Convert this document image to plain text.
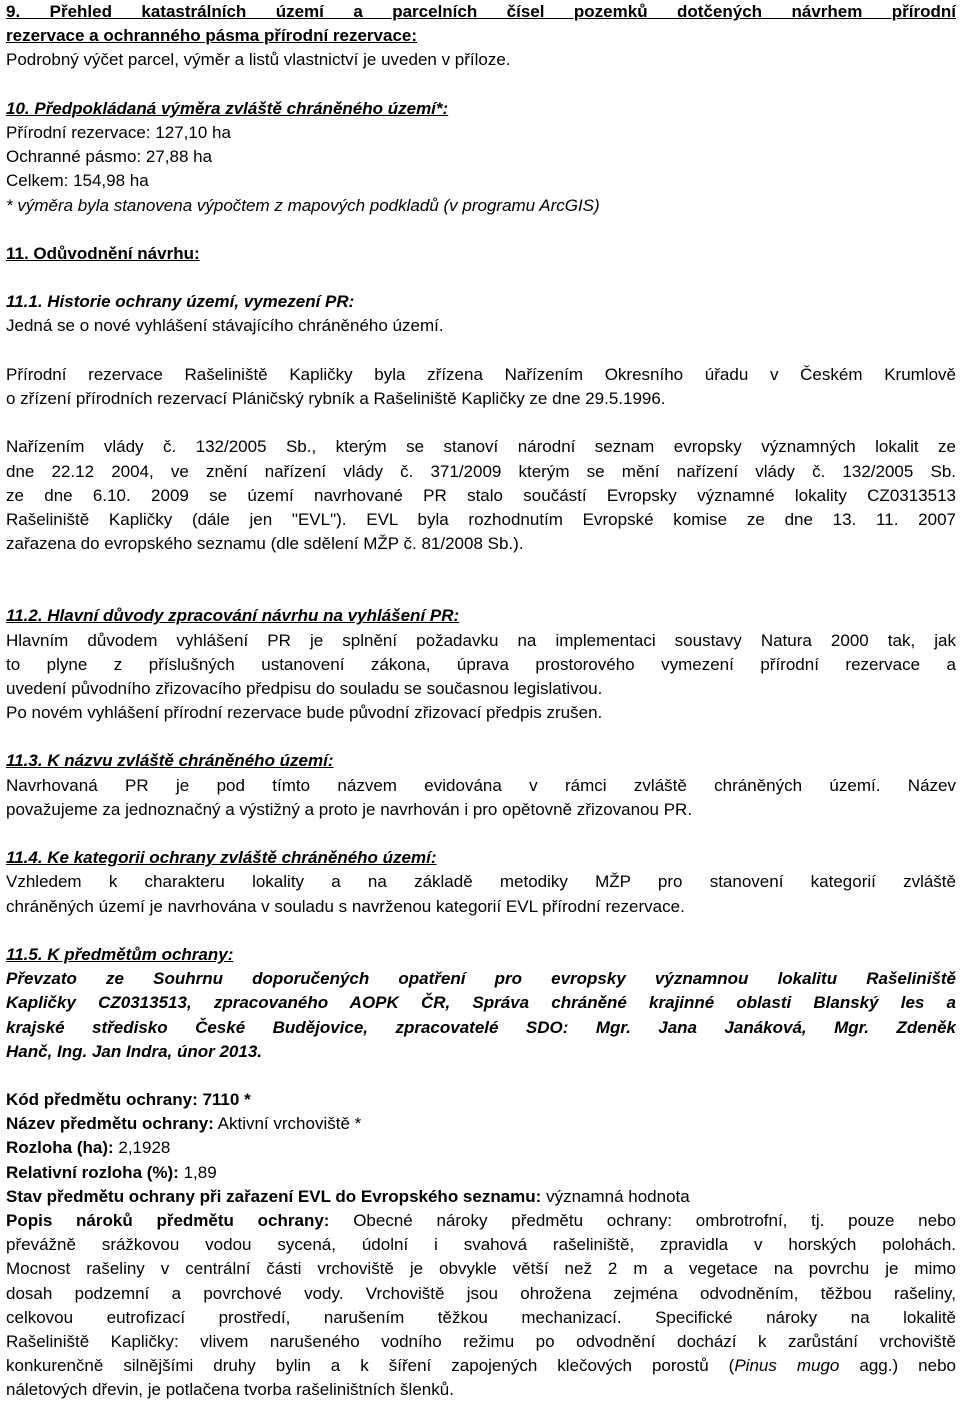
9. Přehled katastrálních území a parcelních čísel pozemků dotčených návrhem přírodní
rezervace a ochranného pásma přírodní rezervace:
Podrobný výčet parcel, výměr a listů vlastnictví je uveden v příloze.
10. Předpokládaná výměra zvláště chráněného území*:
Přírodní rezervace: 127,10 ha
Ochranné pásmo: 27,88 ha
Celkem: 154,98 ha
* výměra byla stanovena výpočtem z mapových podkladů (v programu ArcGIS)
11. Odůvodnění návrhu:
11.1. Historie ochrany území, vymezení PR:
Jedná se o nové vyhlášení stávajícího chráněného území.
Přírodní rezervace Rašeliniště Kapličky byla zřízena Nařízením Okresního úřadu v Českém Krumlově
o zřízení přírodních rezervací Pláničský rybník a Rašeliniště Kapličky ze dne 29.5.1996.
Nařízením vlády č. 132/2005 Sb., kterým se stanoví národní seznam evropsky významných lokalit ze
dne 22.12 2004, ve znění nařízení vlády č. 371/2009 kterým se mění nařízení vlády č. 132/2005 Sb.
ze dne 6.10. 2009 se území navrhované PR stalo součástí Evropsky významné lokality CZ0313513
Rašeliniště Kapličky (dále jen "EVL"). EVL byla rozhodnutím Evropské komise ze dne 13. 11. 2007
zařazena do evropského seznamu (dle sdělení MŽP č. 81/2008 Sb.).
11.2. Hlavní důvody zpracování návrhu na vyhlášení PR:
Hlavním důvodem vyhlášení PR je splnění požadavku na implementaci soustavy Natura 2000 tak, jak
to plyne z příslušných ustanovení zákona, úprava prostorového vymezení přírodní rezervace a
uvedení původního zřizovacího předpisu do souladu se současnou legislativou.
Po novém vyhlášení přírodní rezervace bude původní zřizovací předpis zrušen.
11.3. K názvu zvláště chráněného území:
Navrhovaná PR je pod tímto názvem evidována v rámci zvláště chráněných území. Název
považujeme za jednoznačný a výstižný a proto je navrhován i pro opětovně zřizovanou PR.
11.4. Ke kategorii ochrany zvláště chráněného území:
Vzhledem k charakteru lokality a na základě metodiky MŽP pro stanovení kategorií zvláště
chráněných území je navrhována v souladu s navrženou kategorií EVL přírodní rezervace.
11.5. K předmětům ochrany:
Převzato ze Souhrnu doporučených opatření pro evropsky významnou lokalitu Rašeliniště
Kapličky CZ0313513, zpracovaného AOPK ČR, Správa chráněné krajinné oblasti Blanský les a
krajské středisko České Budějovice, zpracovatelé SDO: Mgr. Jana Janáková, Mgr. Zdeněk
Hanč, Ing. Jan Indra, únor 2013.
Kód předmětu ochrany: 7110 *
Název předmětu ochrany: Aktivní vrchoviště *
Rozloha (ha): 2,1928
Relativní rozloha (%): 1,89
Stav předmětu ochrany při zařazení EVL do Evropského seznamu: významná hodnota
Popis nároků předmětu ochrany: Obecné nároky předmětu ochrany: ombrotrofní, tj. pouze nebo
převážně srážkovou vodou sycená, údolní i svahová rašeliniště, zpravidla v horských polohách.
Mocnost rašeliny v centrální části vrchoviště je obvykle větší než 2 m a vegetace na povrchu je mimo
dosah podzemní a povrchové vody. Vrchoviště jsou ohrožena zejména odvodněním, těžbou rašeliny,
celkovou eutrofizací prostředí, narušením těžkou mechanizací. Specifické nároky na lokalitě
Rašeliniště Kapličky: vlivem narušeného vodního režimu po odvodnění dochází k zarůstání vrchoviště
konkurenčně silnějšími druhy bylin a k šíření zapojených klečových porostů (Pinus mugo agg.) nebo
náletových dřevin, je potlačena tvorba rašeliništních šlenků.
